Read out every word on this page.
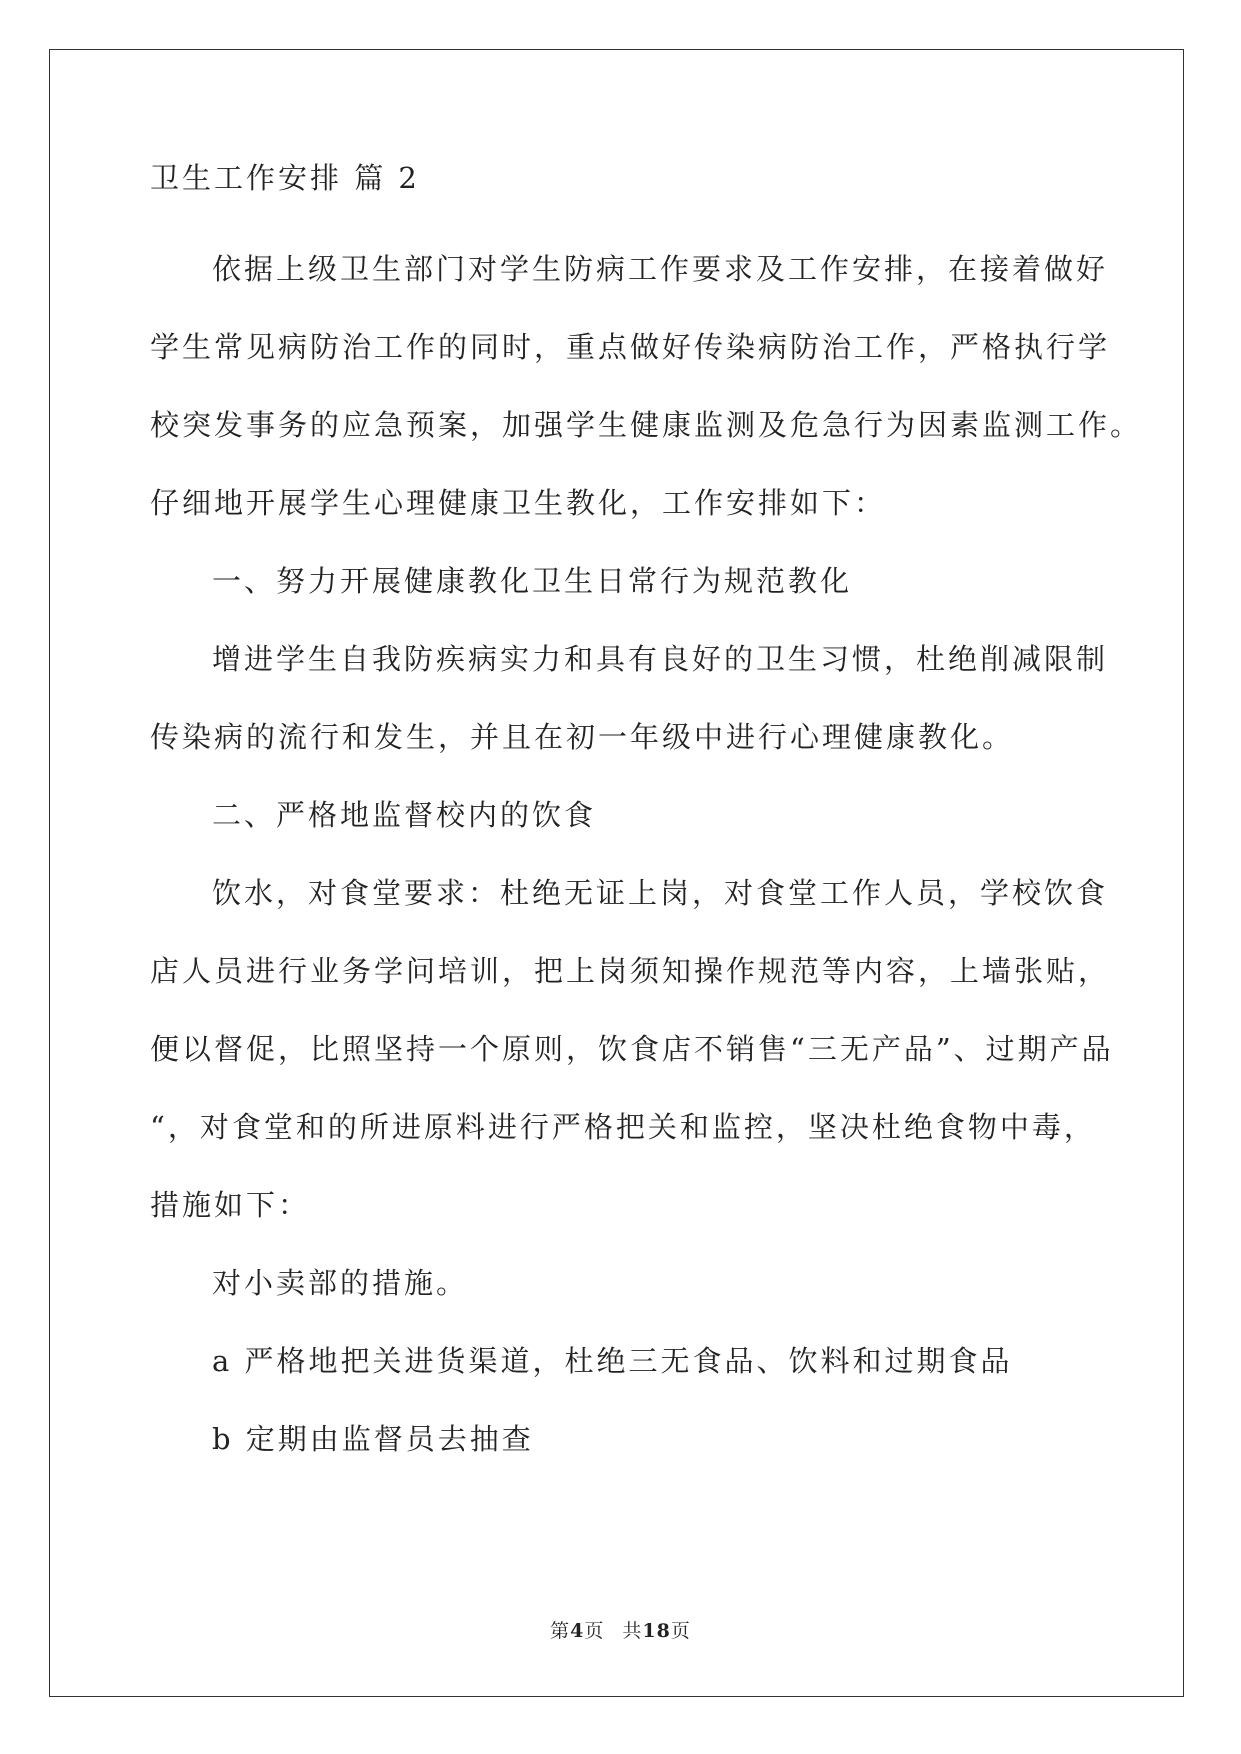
卫生工作安排 篇 2
依据上级卫生部门对学生防病工作要求及工作安排，在接着做好
学生常见病防治工作的同时，重点做好传染病防治工作，严格执行学
校突发事务的应急预案，加强学生健康监测及危急行为因素监测工作。
仔细地开展学生心理健康卫生教化，工作安排如下：
一、努力开展健康教化卫生日常行为规范教化
增进学生自我防疾病实力和具有良好的卫生习惯，杜绝削减限制
传染病的流行和发生，并且在初一年级中进行心理健康教化。
二、严格地监督校内的饮食
饮水，对食堂要求：杜绝无证上岗，对食堂工作人员，学校饮食
店人员进行业务学问培训，把上岗须知操作规范等内容，上墙张贴，
便以督促，比照坚持一个原则，饮食店不销售“三无产品”、过期产品
“，对食堂和的所进原料进行严格把关和监控，坚决杜绝食物中毒，
措施如下：
对小卖部的措施。
a 严格地把关进货渠道，杜绝三无食品、饮料和过期食品
b 定期由监督员去抽查
第4页 共18页
